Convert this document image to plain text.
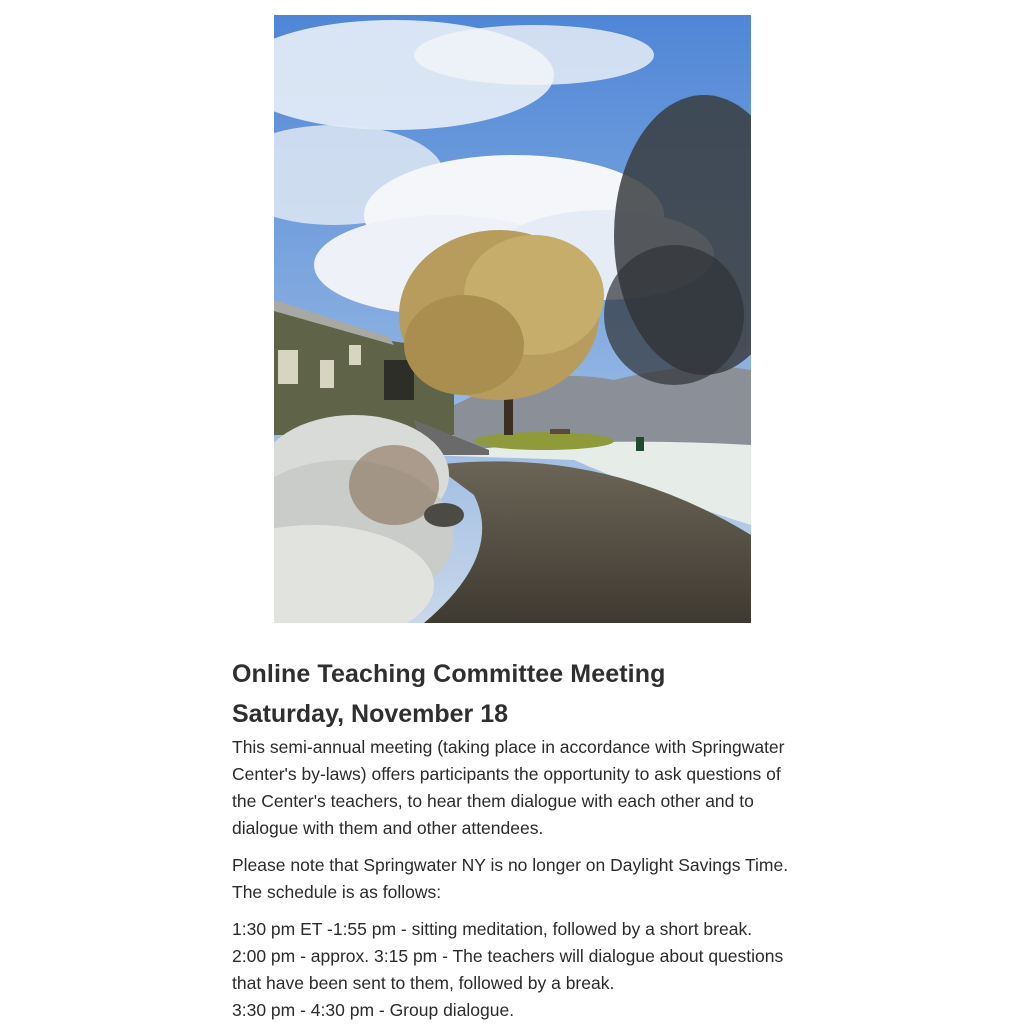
Online Teaching Committee Meeting
Saturday, November 18

This semi-annual meeting (taking place in accordance with Springwater Center's by-laws) offers participants the opportunity to ask questions of the Center's teachers, to hear them dialogue with each other and to dialogue with them and other attendees.

Please note that Springwater NY is no longer on Daylight Savings Time. The schedule is as follows:

1:30 pm ET -1:55 pm - sitting meditation, followed by a short break.
2:00 pm - approx. 3:15 pm - The teachers will dialogue about questions that have been sent to them, followed by a break.
3:30 pm - 4:30 pm - Group dialogue.
